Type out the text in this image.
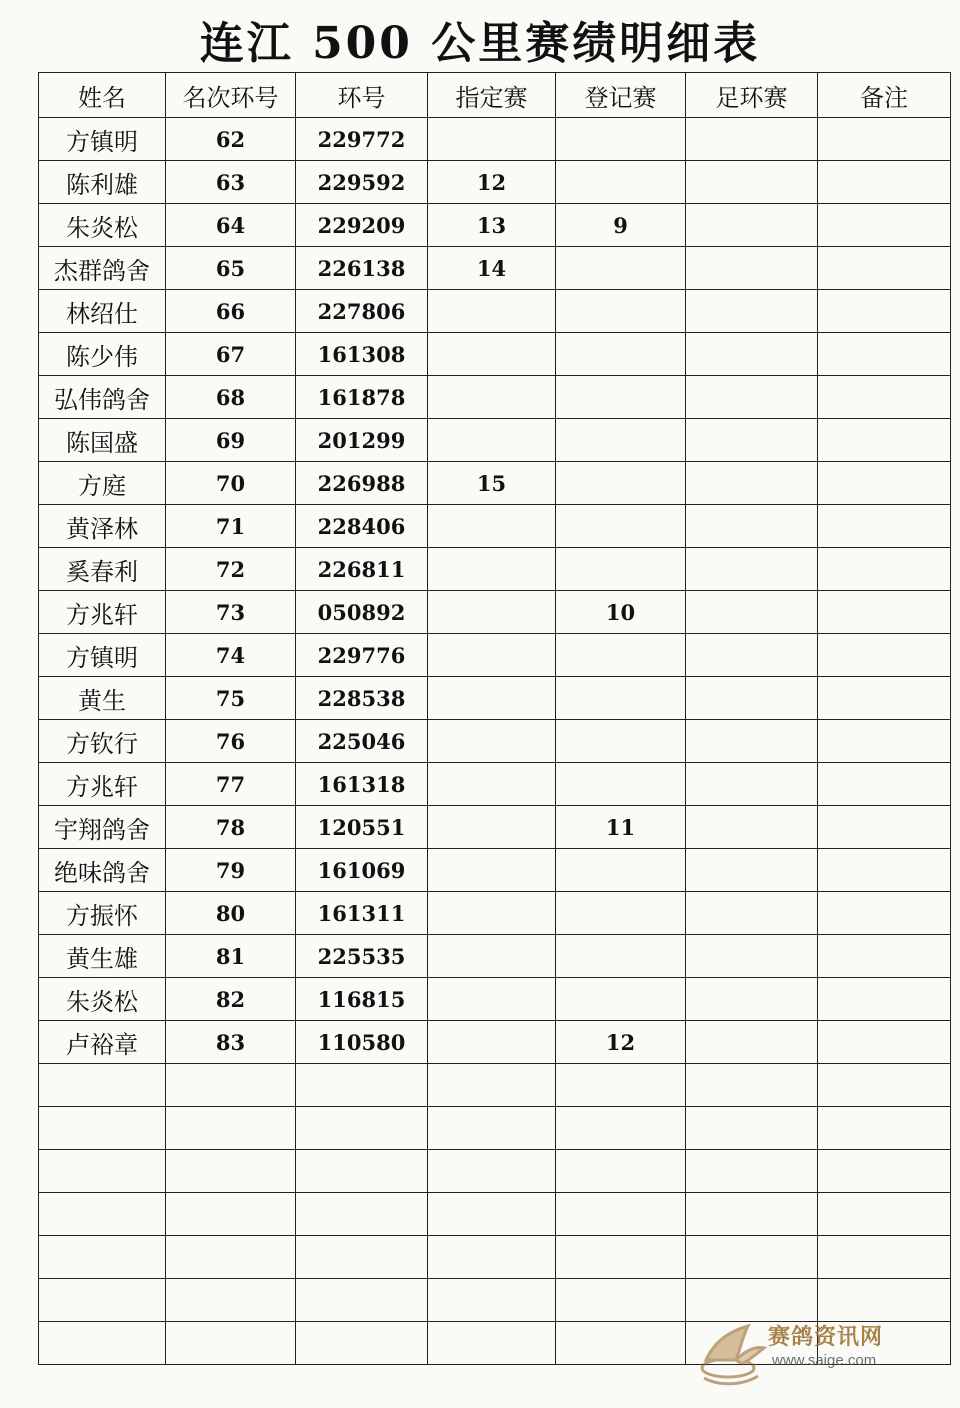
连江 500 公里赛绩明细表
姓名	名次环号	环号	指定赛	登记赛	足环赛	备注
方镇明	62	229772				
陈利雄	63	229592	12			
朱炎松	64	229209	13	9		
杰群鸽舍	65	226138	14			
林绍仕	66	227806				
陈少伟	67	161308				
弘伟鸽舍	68	161878				
陈国盛	69	201299				
方庭	70	226988	15			
黄泽林	71	228406				
奚春利	72	226811				
方兆轩	73	050892		10		
方镇明	74	229776				
黄生	75	228538				
方钦行	76	225046				
方兆轩	77	161318				
宇翔鸽舍	78	120551		11		
绝味鸽舍	79	161069				
方振怀	80	161311				
黄生雄	81	225535				
朱炎松	82	116815				
卢裕章	83	110580		12		

赛鸽资讯网
www.saige.com
